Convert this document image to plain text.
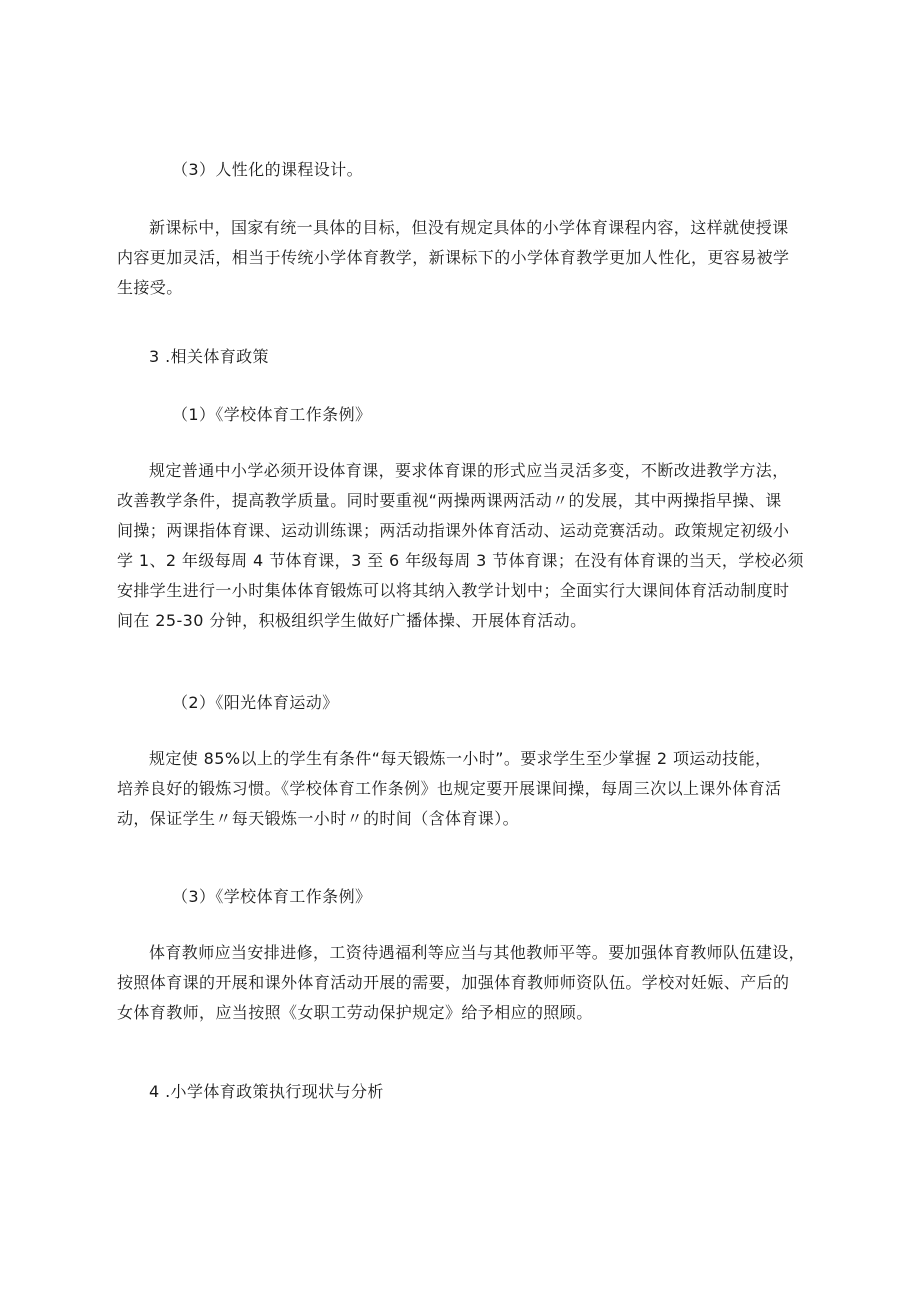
（3）人性化的课程设计。

新课标中，国家有统一具体的目标，但没有规定具体的小学体育课程内容，这样就使授课
内容更加灵活，相当于传统小学体育教学，新课标下的小学体育教学更加人性化，更容易被学
生接受。

3 .相关体育政策

（1）《学校体育工作条例》

规定普通中小学必须开设体育课，要求体育课的形式应当灵活多变，不断改进教学方法，
改善教学条件，提高教学质量。同时要重视“两操两课两活动〃的发展，其中两操指早操、课
间操；两课指体育课、运动训练课；两活动指课外体育活动、运动竞赛活动。政策规定初级小
学 1、2 年级每周 4 节体育课，3 至 6 年级每周 3 节体育课；在没有体育课的当天，学校必须
安排学生进行一小时集体体育锻炼可以将其纳入教学计划中；全面实行大课间体育活动制度时
间在 25-30 分钟，积极组织学生做好广播体操、开展体育活动。

（2）《阳光体育运动》

规定使 85%以上的学生有条件“每天锻炼一小时”。要求学生至少掌握 2 项运动技能，
培养良好的锻炼习惯。《学校体育工作条例》也规定要开展课间操，每周三次以上课外体育活
动，保证学生〃每天锻炼一小时〃的时间（含体育课）。

（3）《学校体育工作条例》

体育教师应当安排进修，工资待遇福利等应当与其他教师平等。要加强体育教师队伍建设，
按照体育课的开展和课外体育活动开展的需要，加强体育教师师资队伍。学校对妊娠、产后的
女体育教师，应当按照《女职工劳动保护规定》给予相应的照顾。

4 .小学体育政策执行现状与分析
